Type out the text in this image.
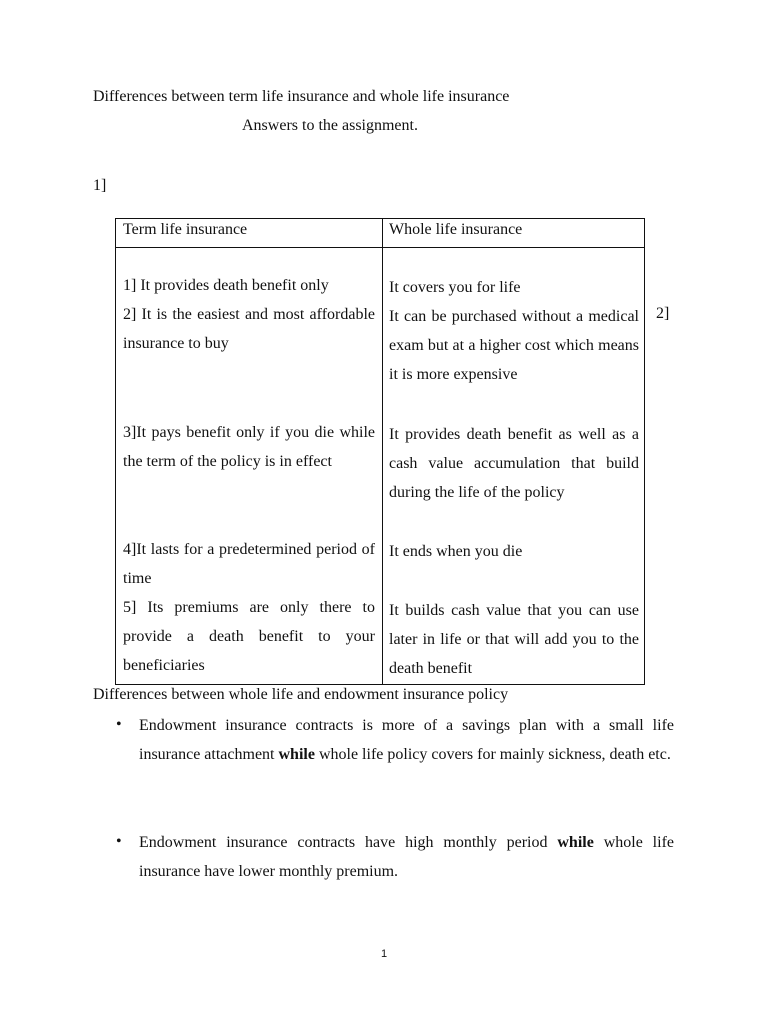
Differences between term life insurance and whole life insurance
Answers to the assignment.
1]
2]
Term life insurance	Whole life insurance
1] It provides death benefit only
2] It is the easiest and most affordable insurance to buy
3]It pays benefit only if you die while the term of the policy is in effect
4]It lasts for a predetermined period of time
5] Its premiums are only there to provide a death benefit to your beneficiaries
It covers you for life
It can be purchased without a medical exam but at a higher cost which means it is more expensive
It provides death benefit as well as a cash value accumulation that build during the life of the policy
It ends when you die
It builds cash value that you can use later in life or that will add you to the death benefit
Differences between whole life and endowment insurance policy
• Endowment insurance contracts is more of a savings plan with a small life insurance attachment while whole life policy covers for mainly sickness, death etc.
• Endowment insurance contracts have high monthly period while whole life insurance have lower monthly premium.
1
